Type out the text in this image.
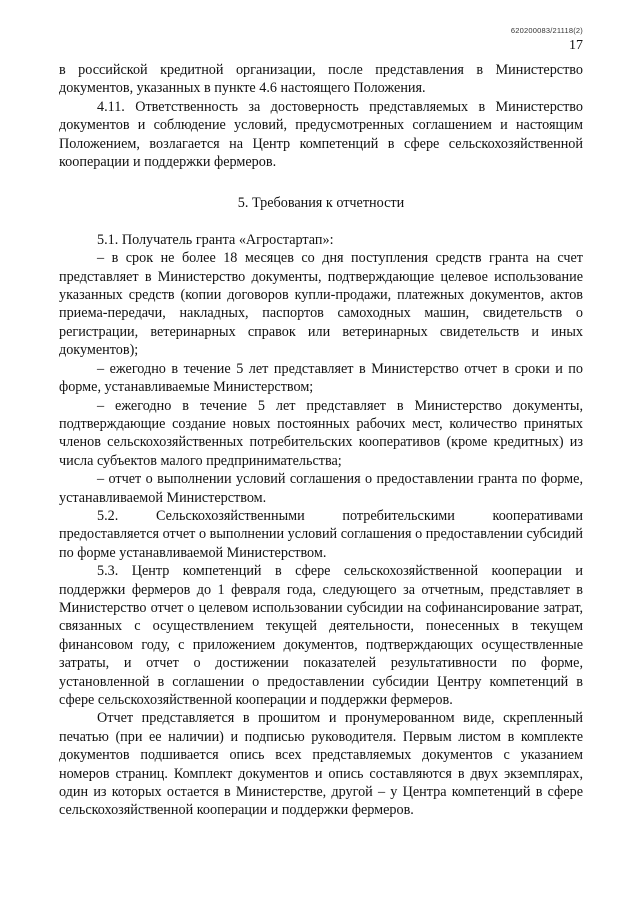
620200083/21118(2)
17

в российской кредитной организации, после представления в Министерство документов, указанных в пункте 4.6 настоящего Положения.

4.11. Ответственность за достоверность представляемых в Министерство документов и соблюдение условий, предусмотренных соглашением и настоящим Положением, возлагается на Центр компетенций в сфере сельскохозяйственной кооперации и поддержки фермеров.

5. Требования к отчетности

5.1. Получатель гранта «Агростартап»:

– в срок не более 18 месяцев со дня поступления средств гранта на счет представляет в Министерство документы, подтверждающие целевое использование указанных средств (копии договоров купли-продажи, платежных документов, актов приема-передачи, накладных, паспортов самоходных машин, свидетельств о регистрации, ветеринарных справок или ветеринарных свидетельств и иных документов);

– ежегодно в течение 5 лет представляет в Министерство отчет в сроки и по форме, устанавливаемые Министерством;

– ежегодно в течение 5 лет представляет в Министерство документы, подтверждающие создание новых постоянных рабочих мест, количество принятых членов сельскохозяйственных потребительских кооперативов (кроме кредитных) из числа субъектов малого предпринимательства;

– отчет о выполнении условий соглашения о предоставлении гранта по форме, устанавливаемой Министерством.

5.2. Сельскохозяйственными потребительскими кооперативами предоставляется отчет о выполнении условий соглашения о предоставлении субсидий по форме устанавливаемой Министерством.

5.3. Центр компетенций в сфере сельскохозяйственной кооперации и поддержки фермеров до 1 февраля года, следующего за отчетным, представляет в Министерство отчет о целевом использовании субсидии на софинансирование затрат, связанных с осуществлением текущей деятельности, понесенных в текущем финансовом году, с приложением документов, подтверждающих осуществленные затраты, и отчет о достижении показателей результативности по форме, установленной в соглашении о предоставлении субсидии Центру компетенций в сфере сельскохозяйственной кооперации и поддержки фермеров.

Отчет представляется в прошитом и пронумерованном виде, скрепленный печатью (при ее наличии) и подписью руководителя. Первым листом в комплекте документов подшивается опись всех представляемых документов с указанием номеров страниц. Комплект документов и опись составляются в двух экземплярах, один из которых остается в Министерстве, другой – у Центра компетенций в сфере сельскохозяйственной кооперации и поддержки фермеров.
